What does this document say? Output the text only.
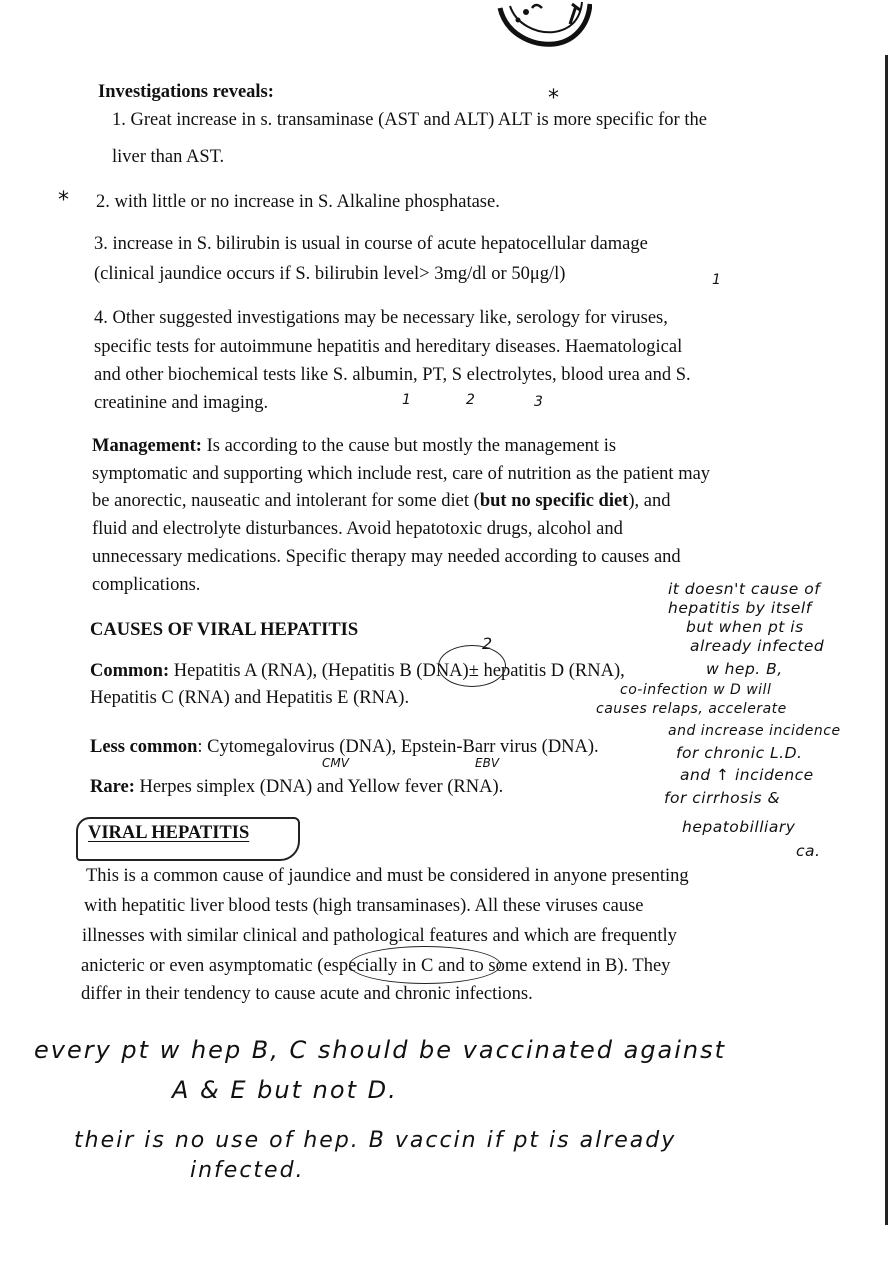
Investigations reveals:
1. Great increase in s. transaminase (AST and ALT) ALT is more specific for the
liver than AST.
*
* 2. with little or no increase in S. Alkaline phosphatase.
3. increase in S. bilirubin is usual in course of acute hepatocellular damage
(clinical jaundice occurs if S. bilirubin level> 3mg/dl or 50μg/l)	1
4. Other suggested investigations may be necessary like, serology for viruses,
specific tests for autoimmune hepatitis and hereditary diseases. Haematological
and other biochemical tests like S. albumin, PT, S electrolytes, blood urea and S.
creatinine and imaging.	1	2	3
Management: Is according to the cause but mostly the management is
symptomatic and supporting which include rest, care of nutrition as the patient may
be anorectic, nauseatic and intolerant for some diet (but no specific diet), and
fluid and electrolyte disturbances. Avoid hepatotoxic drugs, alcohol and
unnecessary medications. Specific therapy may needed according to causes and
complications.
CAUSES OF VIRAL HEPATITIS
2
Common: Hepatitis A (RNA), (Hepatitis B (DNA)± hepatitis D (RNA),
Hepatitis C (RNA) and Hepatitis E (RNA).
Less common: Cytomegalovirus (DNA), Epstein-Barr virus (DNA).
CMV	EBV
Rare: Herpes simplex (DNA) and Yellow fever (RNA).
VIRAL HEPATITIS
This is a common cause of jaundice and must be considered in anyone presenting
with hepatitic liver blood tests (high transaminases). All these viruses cause
illnesses with similar clinical and pathological features and which are frequently
anicteric or even asymptomatic (especially in C and to some extend in B). They
differ in their tendency to cause acute and chronic infections.
it doesn't cause of
hepatitis by itself
but when pt is
already infected
w hep. B,
co-infection w D will
causes relaps, accelerate
and increase incidence
for chronic L.D.
and ↑ incidence
for cirrhosis &
hepatobilliary
ca.
every pt w hep B, C should be vaccinated against
A & E but not D.
their is no use of hep. B vaccin if pt is already
infected.
